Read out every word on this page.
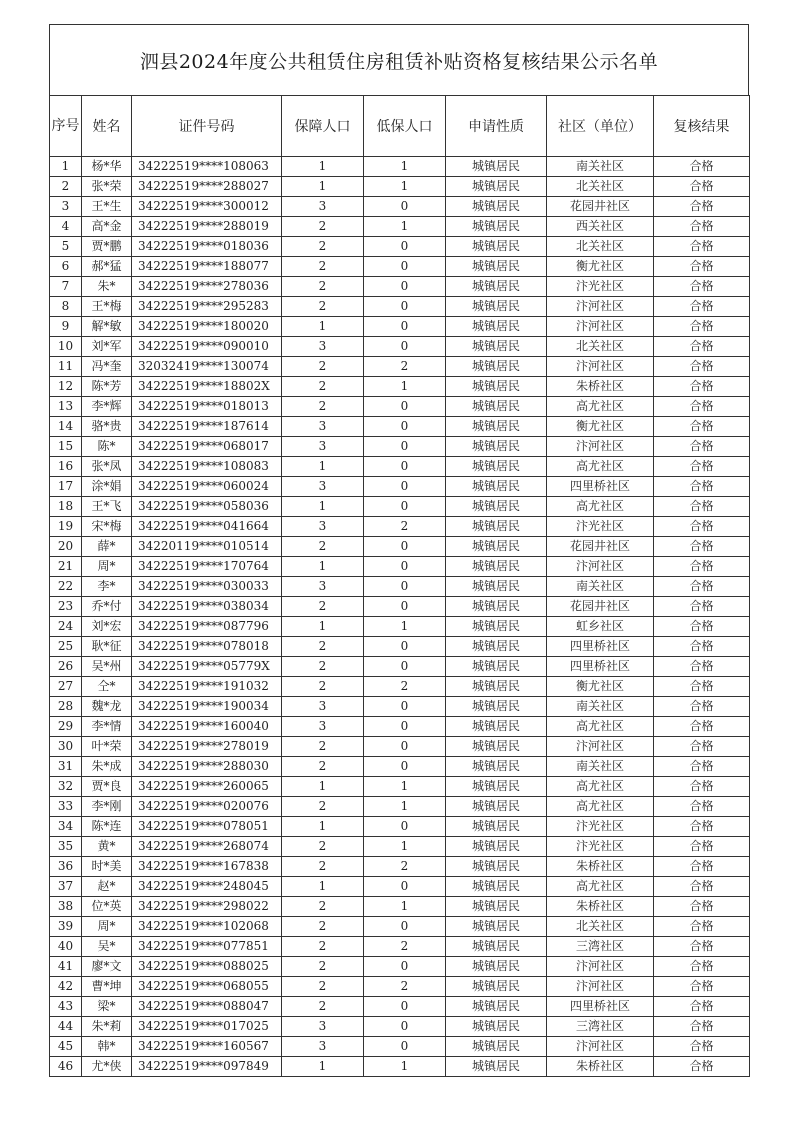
泗县2024年度公共租赁住房租赁补贴资格复核结果公示名单
序号	姓名	证件号码	保障人口	低保人口	申请性质	社区（单位）	复核结果
1	杨*华	34222519****108063	1	1	城镇居民	南关社区	合格
2	张*荣	34222519****288027	1	1	城镇居民	北关社区	合格
3	王*生	34222519****300012	3	0	城镇居民	花园井社区	合格
4	高*金	34222519****288019	2	1	城镇居民	西关社区	合格
5	贾*鹏	34222519****018036	2	0	城镇居民	北关社区	合格
6	郝*猛	34222519****188077	2	0	城镇居民	衡尤社区	合格
7	朱*	34222519****278036	2	0	城镇居民	汴光社区	合格
8	王*梅	34222519****295283	2	0	城镇居民	汴河社区	合格
9	解*敏	34222519****180020	1	0	城镇居民	汴河社区	合格
10	刘*军	34222519****090010	3	0	城镇居民	北关社区	合格
11	冯*奎	32032419****130074	2	2	城镇居民	汴河社区	合格
12	陈*芳	34222519****18802X	2	1	城镇居民	朱桥社区	合格
13	李*辉	34222519****018013	2	0	城镇居民	高尤社区	合格
14	骆*贵	34222519****187614	3	0	城镇居民	衡尤社区	合格
15	陈*	34222519****068017	3	0	城镇居民	汴河社区	合格
16	张*凤	34222519****108083	1	0	城镇居民	高尤社区	合格
17	涂*娟	34222519****060024	3	0	城镇居民	四里桥社区	合格
18	王*飞	34222519****058036	1	0	城镇居民	高尤社区	合格
19	宋*梅	34222519****041664	3	2	城镇居民	汴光社区	合格
20	薛*	34220119****010514	2	0	城镇居民	花园井社区	合格
21	周*	34222519****170764	1	0	城镇居民	汴河社区	合格
22	李*	34222519****030033	3	0	城镇居民	南关社区	合格
23	乔*付	34222519****038034	2	0	城镇居民	花园井社区	合格
24	刘*宏	34222519****087796	1	1	城镇居民	虹乡社区	合格
25	耿*征	34222519****078018	2	0	城镇居民	四里桥社区	合格
26	吴*州	34222519****05779X	2	0	城镇居民	四里桥社区	合格
27	仝*	34222519****191032	2	2	城镇居民	衡尤社区	合格
28	魏*龙	34222519****190034	3	0	城镇居民	南关社区	合格
29	李*情	34222519****160040	3	0	城镇居民	高尤社区	合格
30	叶*荣	34222519****278019	2	0	城镇居民	汴河社区	合格
31	朱*成	34222519****288030	2	0	城镇居民	南关社区	合格
32	贾*良	34222519****260065	1	1	城镇居民	高尤社区	合格
33	李*刚	34222519****020076	2	1	城镇居民	高尤社区	合格
34	陈*连	34222519****078051	1	0	城镇居民	汴光社区	合格
35	黄*	34222519****268074	2	1	城镇居民	汴光社区	合格
36	时*美	34222519****167838	2	2	城镇居民	朱桥社区	合格
37	赵*	34222519****248045	1	0	城镇居民	高尤社区	合格
38	位*英	34222519****298022	2	1	城镇居民	朱桥社区	合格
39	周*	34222519****102068	2	0	城镇居民	北关社区	合格
40	吴*	34222519****077851	2	2	城镇居民	三湾社区	合格
41	廖*文	34222519****088025	2	0	城镇居民	汴河社区	合格
42	曹*坤	34222519****068055	2	2	城镇居民	汴河社区	合格
43	梁*	34222519****088047	2	0	城镇居民	四里桥社区	合格
44	朱*莉	34222519****017025	3	0	城镇居民	三湾社区	合格
45	韩*	34222519****160567	3	0	城镇居民	汴河社区	合格
46	尤*侠	34222519****097849	1	1	城镇居民	朱桥社区	合格
